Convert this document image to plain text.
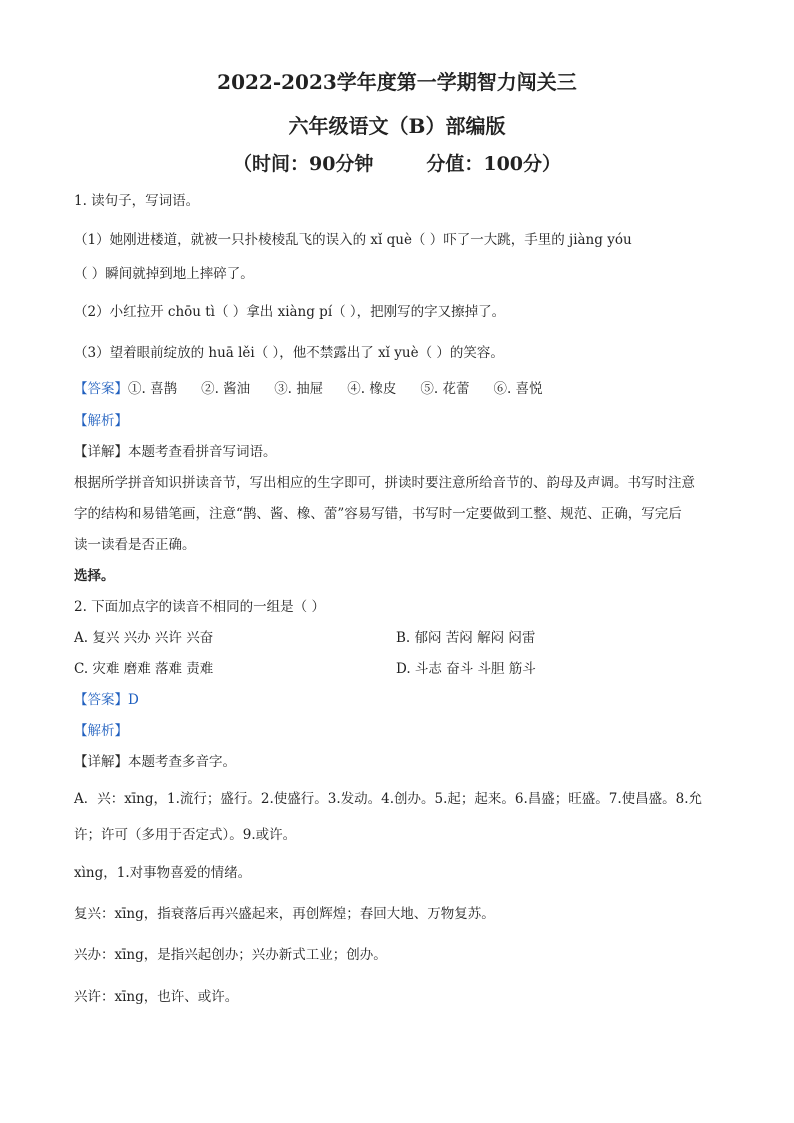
2022-2023学年度第一学期智力闯关三

六年级语文（B）部编版

（时间：90分钟        分值：100分）

1. 读句子，写词语。
（1）她刚进楼道，就被一只扑棱棱乱飞的误入的 xǐ què（ ）吓了一大跳，手里的 jiàng yóu
（ ）瞬间就掉到地上摔碎了。
（2）小红拉开 chōu tì（ ）拿出 xiàng pí（ ），把刚写的字又擦掉了。
（3）望着眼前绽放的 huā lěi（ ），他不禁露出了 xǐ yuè（ ）的笑容。
【答案】①. 喜鹊 ②. 酱油 ③. 抽屉 ④. 橡皮 ⑤. 花蕾 ⑥. 喜悦
【解析】
【详解】本题考查看拼音写词语。
根据所学拼音知识拼读音节，写出相应的生字即可，拼读时要注意所给音节的、韵母及声调。书写时注意
字的结构和易错笔画，注意“鹊、酱、橡、蕾”容易写错，书写时一定要做到工整、规范、正确，写完后
读一读看是否正确。
选择。
2. 下面加点字的读音不相同的一组是（ ）
A. 复兴 兴办 兴许 兴奋	B. 郁闷 苦闷 解闷 闷雷
C. 灾难 磨难 落难 责难	D. 斗志 奋斗 斗胆 筋斗
【答案】D
【解析】
【详解】本题考查多音字。
A．兴：xīng，1.流行；盛行。2.使盛行。3.发动。4.创办。5.起；起来。6.昌盛；旺盛。7.使昌盛。8.允
许；许可（多用于否定式）。9.或许。
xìng，1.对事物喜爱的情绪。
复兴：xīng，指衰落后再兴盛起来，再创辉煌；春回大地、万物复苏。
兴办：xīng，是指兴起创办；兴办新式工业；创办。
兴许：xīng，也许、或许。
